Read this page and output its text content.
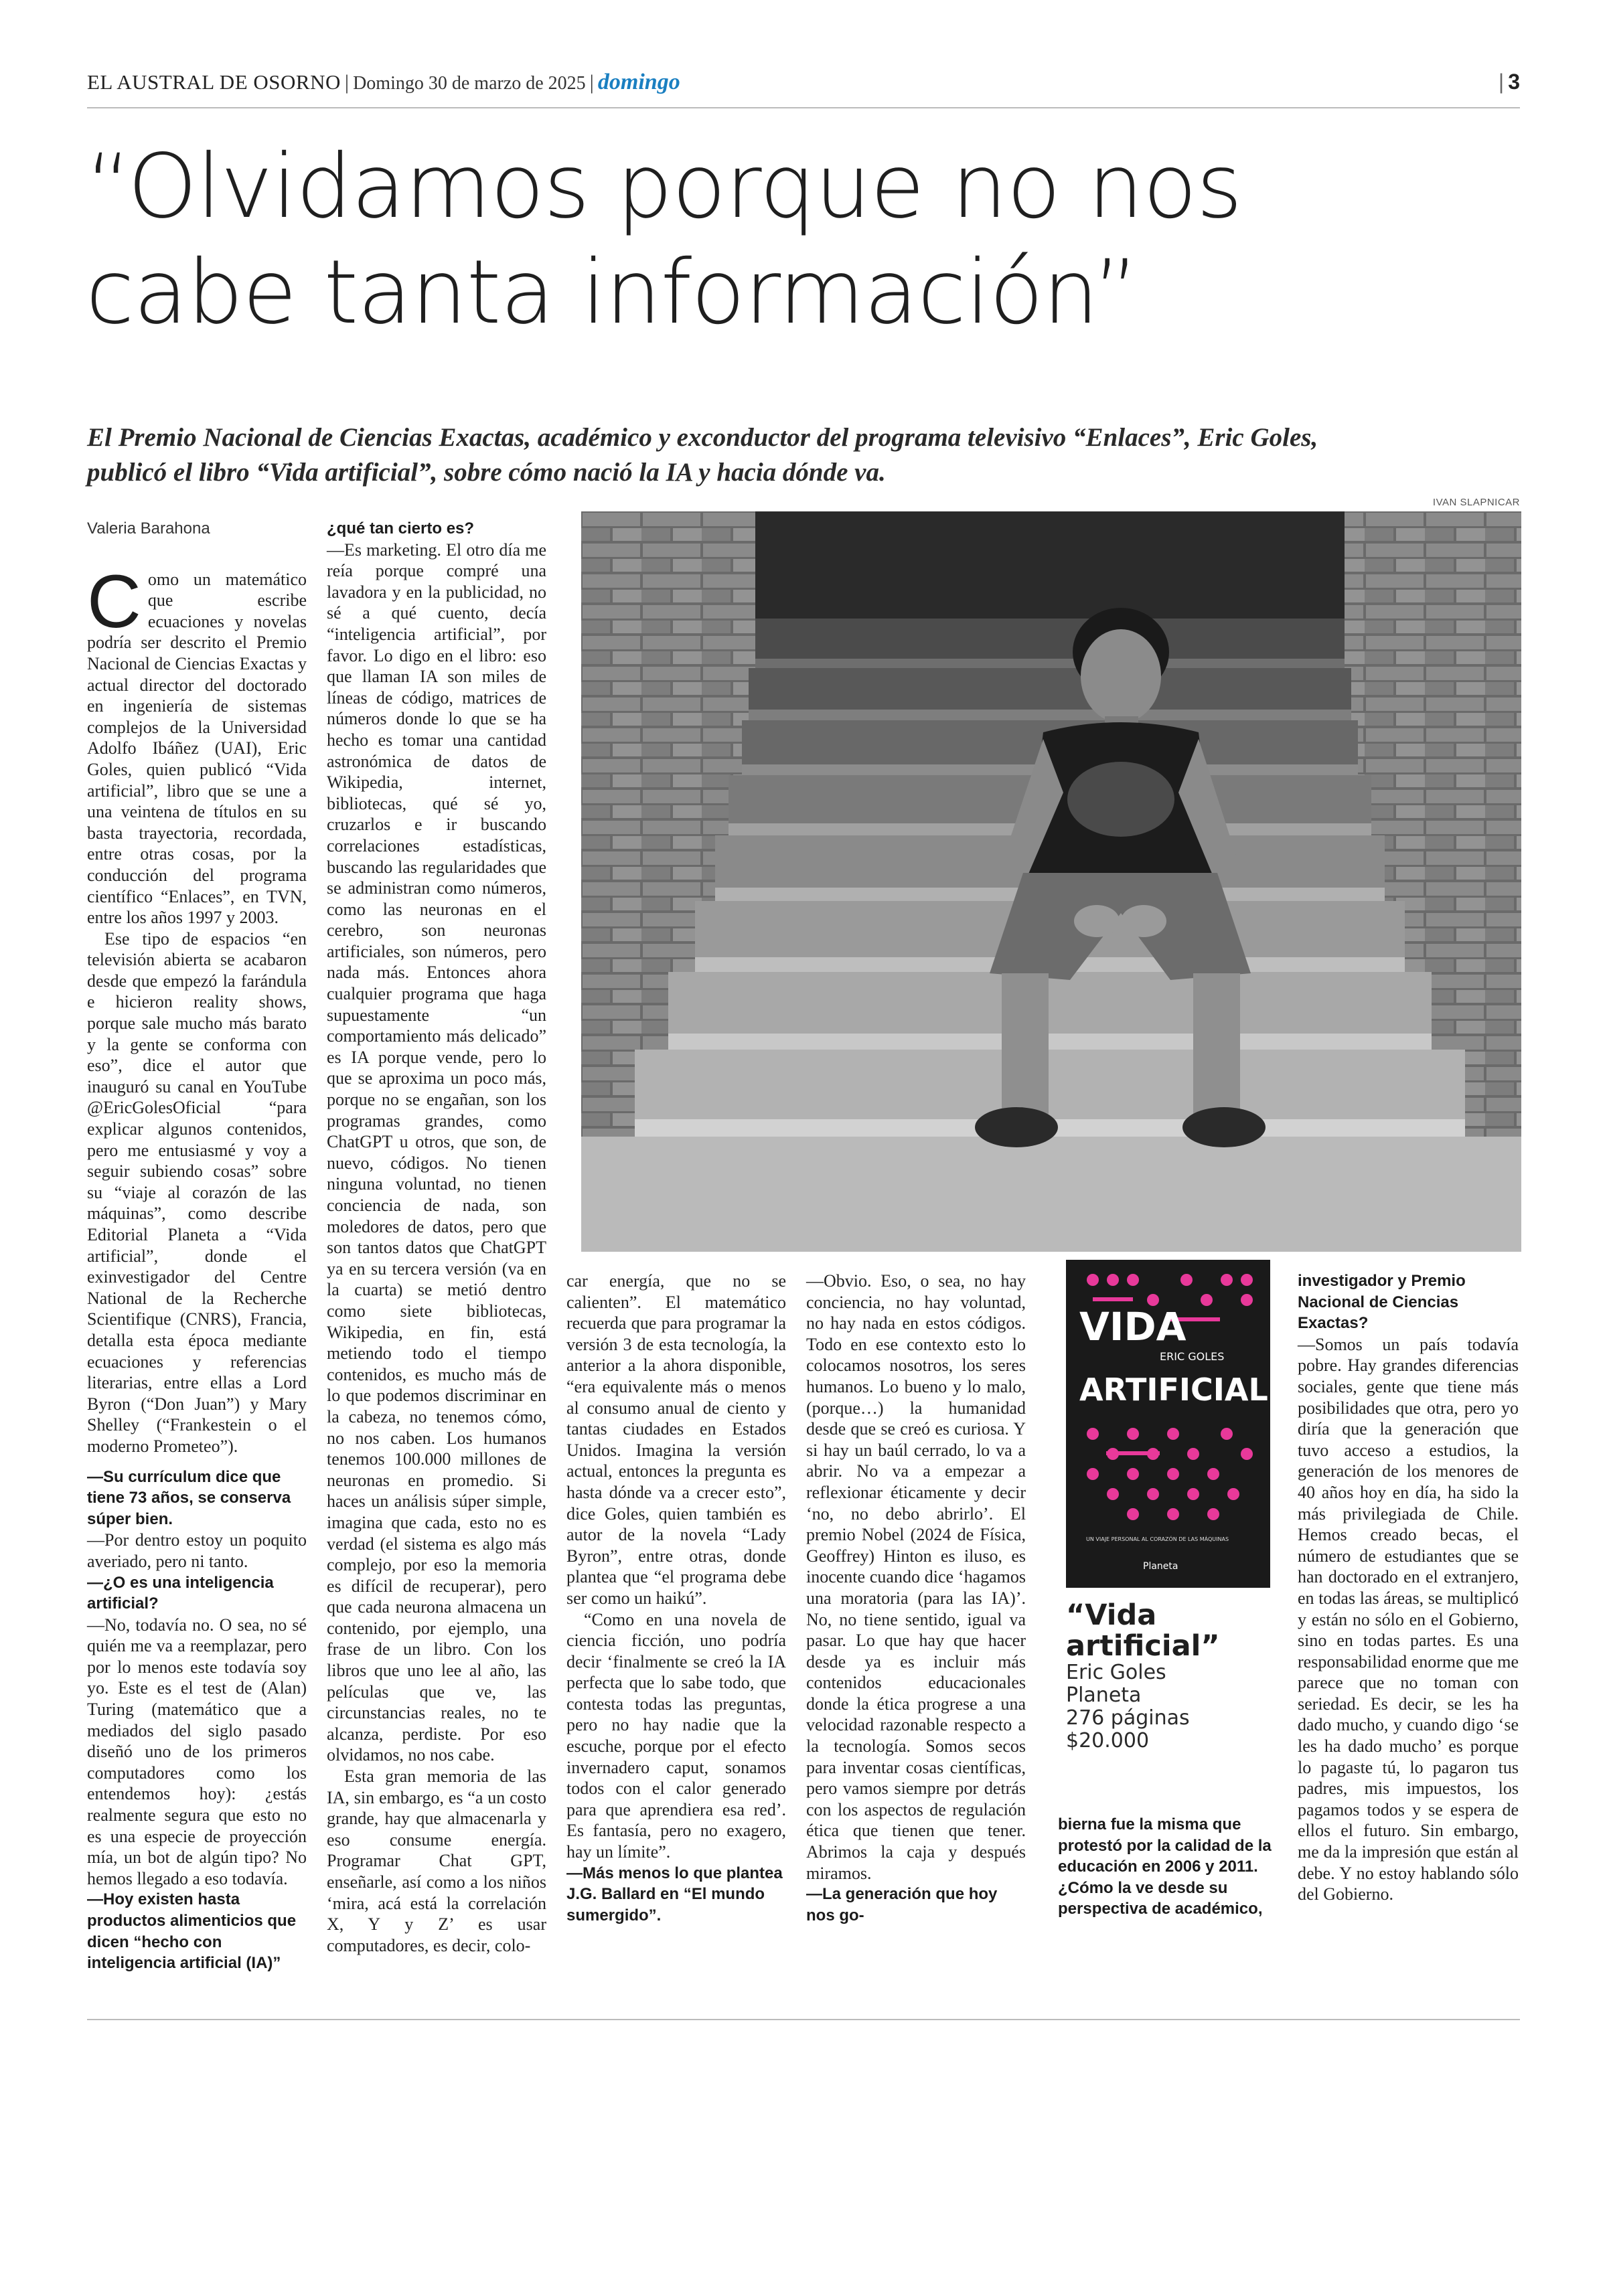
EL AUSTRAL DE OSORNO | Domingo 30 de marzo de 2025 | domingo	| 3
“Olvidamos porque no nos
cabe tanta información”
El Premio Nacional de Ciencias Exactas, académico y exconductor del programa televisivo “Enlaces”, Eric Goles,
publicó el libro “Vida artificial”, sobre cómo nació la IA y hacia dónde va.
IVAN SLAPNICAR
Valeria Barahona

Como un matemático que escribe ecuaciones y novelas podría ser descrito el Premio Nacional de Ciencias Exactas y actual director del doctorado en ingeniería de sistemas complejos de la Universidad Adolfo Ibáñez (UAI), Eric Goles, quien publicó “Vida artificial”, libro que se une a una veintena de títulos en su basta trayectoria, recordada, entre otras cosas, por la conducción del programa científico “Enlaces”, en TVN, entre los años 1997 y 2003.

Ese tipo de espacios “en televisión abierta se acabaron desde que empezó la farándula e hicieron reality shows, porque sale mucho más barato y la gente se conforma con eso”, dice el autor que inauguró su canal en YouTube @EricGolesOficial “para explicar algunos contenidos, pero me entusiasmé y voy a seguir subiendo cosas” sobre su “viaje al corazón de las máquinas”, como describe Editorial Planeta a “Vida artificial”, donde el exinvestigador del Centre National de la Recherche Scientifique (CNRS), Francia, detalla esta época mediante ecuaciones y referencias literarias, entre ellas a Lord Byron (“Don Juan”) y Mary Shelley (“Frankestein o el moderno Prometeo”).

—Su currículum dice que tiene 73 años, se conserva súper bien.

—Por dentro estoy un poquito averiado, pero ni tanto.

—¿O es una inteligencia artificial?

—No, todavía no. O sea, no sé quién me va a reemplazar, pero por lo menos este todavía soy yo. Este es el test de (Alan) Turing (matemático que a mediados del siglo pasado diseñó uno de los primeros computadores como los entendemos hoy): ¿estás realmente segura que esto no es una especie de proyección mía, un bot de algún tipo? No hemos llegado a eso todavía.

—Hoy existen hasta productos alimenticios que dicen “hecho con inteligencia artificial (IA)”

¿qué tan cierto es?

—Es marketing. El otro día me reía porque compré una lavadora y en la publicidad, no sé a qué cuento, decía “inteligencia artificial”, por favor. Lo digo en el libro: eso que llaman IA son miles de líneas de código, matrices de números donde lo que se ha hecho es tomar una cantidad astronómica de datos de Wikipedia, internet, bibliotecas, qué sé yo, cruzarlos e ir buscando correlaciones estadísticas, buscando las regularidades que se administran como números, como las neuronas en el cerebro, son neuronas artificiales, son números, pero nada más. Entonces ahora cualquier programa que haga supuestamente “un comportamiento más delicado” es IA porque vende, pero lo que se aproxima un poco más, porque no se engañan, son los programas grandes, como ChatGPT u otros, que son, de nuevo, códigos. No tienen ninguna voluntad, no tienen conciencia de nada, son moledores de datos, pero que son tantos datos que ChatGPT ya en su tercera versión (va en la cuarta) se metió dentro como siete bibliotecas, Wikipedia, en fin, está metiendo todo el tiempo contenidos, es mucho más de lo que podemos discriminar en la cabeza, no tenemos cómo, no nos caben. Los humanos tenemos 100.000 millones de neuronas en promedio. Si haces un análisis súper simple, imagina que cada, esto no es verdad (el sistema es algo más complejo, por eso la memoria es difícil de recuperar), pero que cada neurona almacena un contenido, por ejemplo, una frase de un libro. Con los libros que uno lee al año, las películas que ve, las circunstancias reales, no te alcanza, perdiste. Por eso olvidamos, no nos cabe.

Esta gran memoria de las IA, sin embargo, es “a un costo grande, hay que almacenarla y eso consume energía. Programar Chat GPT, enseñarle, así como a los niños ‘mira, acá está la correlación X, Y y Z’ es usar computadores, es decir, colo-

car energía, que no se calienten”. El matemático recuerda que para programar la versión 3 de esta tecnología, la anterior a la ahora disponible, “era equivalente más o menos al consumo anual de ciento y tantas ciudades en Estados Unidos. Imagina la versión actual, entonces la pregunta es hasta dónde va a crecer esto”, dice Goles, quien también es autor de la novela “Lady Byron”, entre otras, donde plantea que “el programa debe ser como un haikú”.

“Como en una novela de ciencia ficción, uno podría decir ‘finalmente se creó la IA perfecta que lo sabe todo, que contesta todas las preguntas, pero no hay nadie que la escuche, porque por el efecto invernadero caput, sonamos todos con el calor generado para que aprendiera esa red’. Es fantasía, pero no exagero, hay un límite”.

—Más menos lo que plantea J.G. Ballard en “El mundo sumergido”.

—Obvio. Eso, o sea, no hay conciencia, no hay voluntad, no hay nada en estos códigos. Todo en ese contexto esto lo colocamos nosotros, los seres humanos. Lo bueno y lo malo, (porque…) la humanidad desde que se creó es curiosa. Y si hay un baúl cerrado, lo va a abrir. No va a empezar a reflexionar éticamente y decir ‘no, no debo abrirlo’. El premio Nobel (2024 de Física, Geoffrey) Hinton es iluso, es inocente cuando dice ‘hagamos una moratoria (para las IA)’. No, no tiene sentido, igual va pasar. Lo que hay que hacer desde ya es incluir más contenidos educacionales donde la ética progrese a una velocidad razonable respecto a la tecnología. Somos secos para inventar cosas científicas, pero vamos siempre por detrás con los aspectos de regulación ética que tienen que tener. Abrimos la caja y después miramos.

—La generación que hoy nos go-

VIDA
ERIC GOLES
ARTIFICIAL
UN VIAJE PERSONAL AL CORAZÓN DE LAS MÁQUINAS
Planeta
“Vida artificial”
Eric Goles
Planeta
276 páginas
$20.000

bierna fue la misma que protestó por la calidad de la educación en 2006 y 2011. ¿Cómo la ve desde su perspectiva de académico,

investigador y Premio Nacional de Ciencias Exactas?

—Somos un país todavía pobre. Hay grandes diferencias sociales, gente que tiene más posibilidades que otra, pero yo diría que la generación que tuvo acceso a estudios, la generación de los menores de 40 años hoy en día, ha sido la más privilegiada de Chile. Hemos creado becas, el número de estudiantes que se han doctorado en el extranjero, en todas las áreas, se multiplicó y están no sólo en el Gobierno, sino en todas partes. Es una responsabilidad enorme que me parece que no toman con seriedad. Es decir, se les ha dado mucho, y cuando digo ‘se les ha dado mucho’ es porque lo pagaste tú, lo pagaron tus padres, mis impuestos, los pagamos todos y se espera de ellos el futuro. Sin embargo, me da la impresión que están al debe. Y no estoy hablando sólo del Gobierno.
